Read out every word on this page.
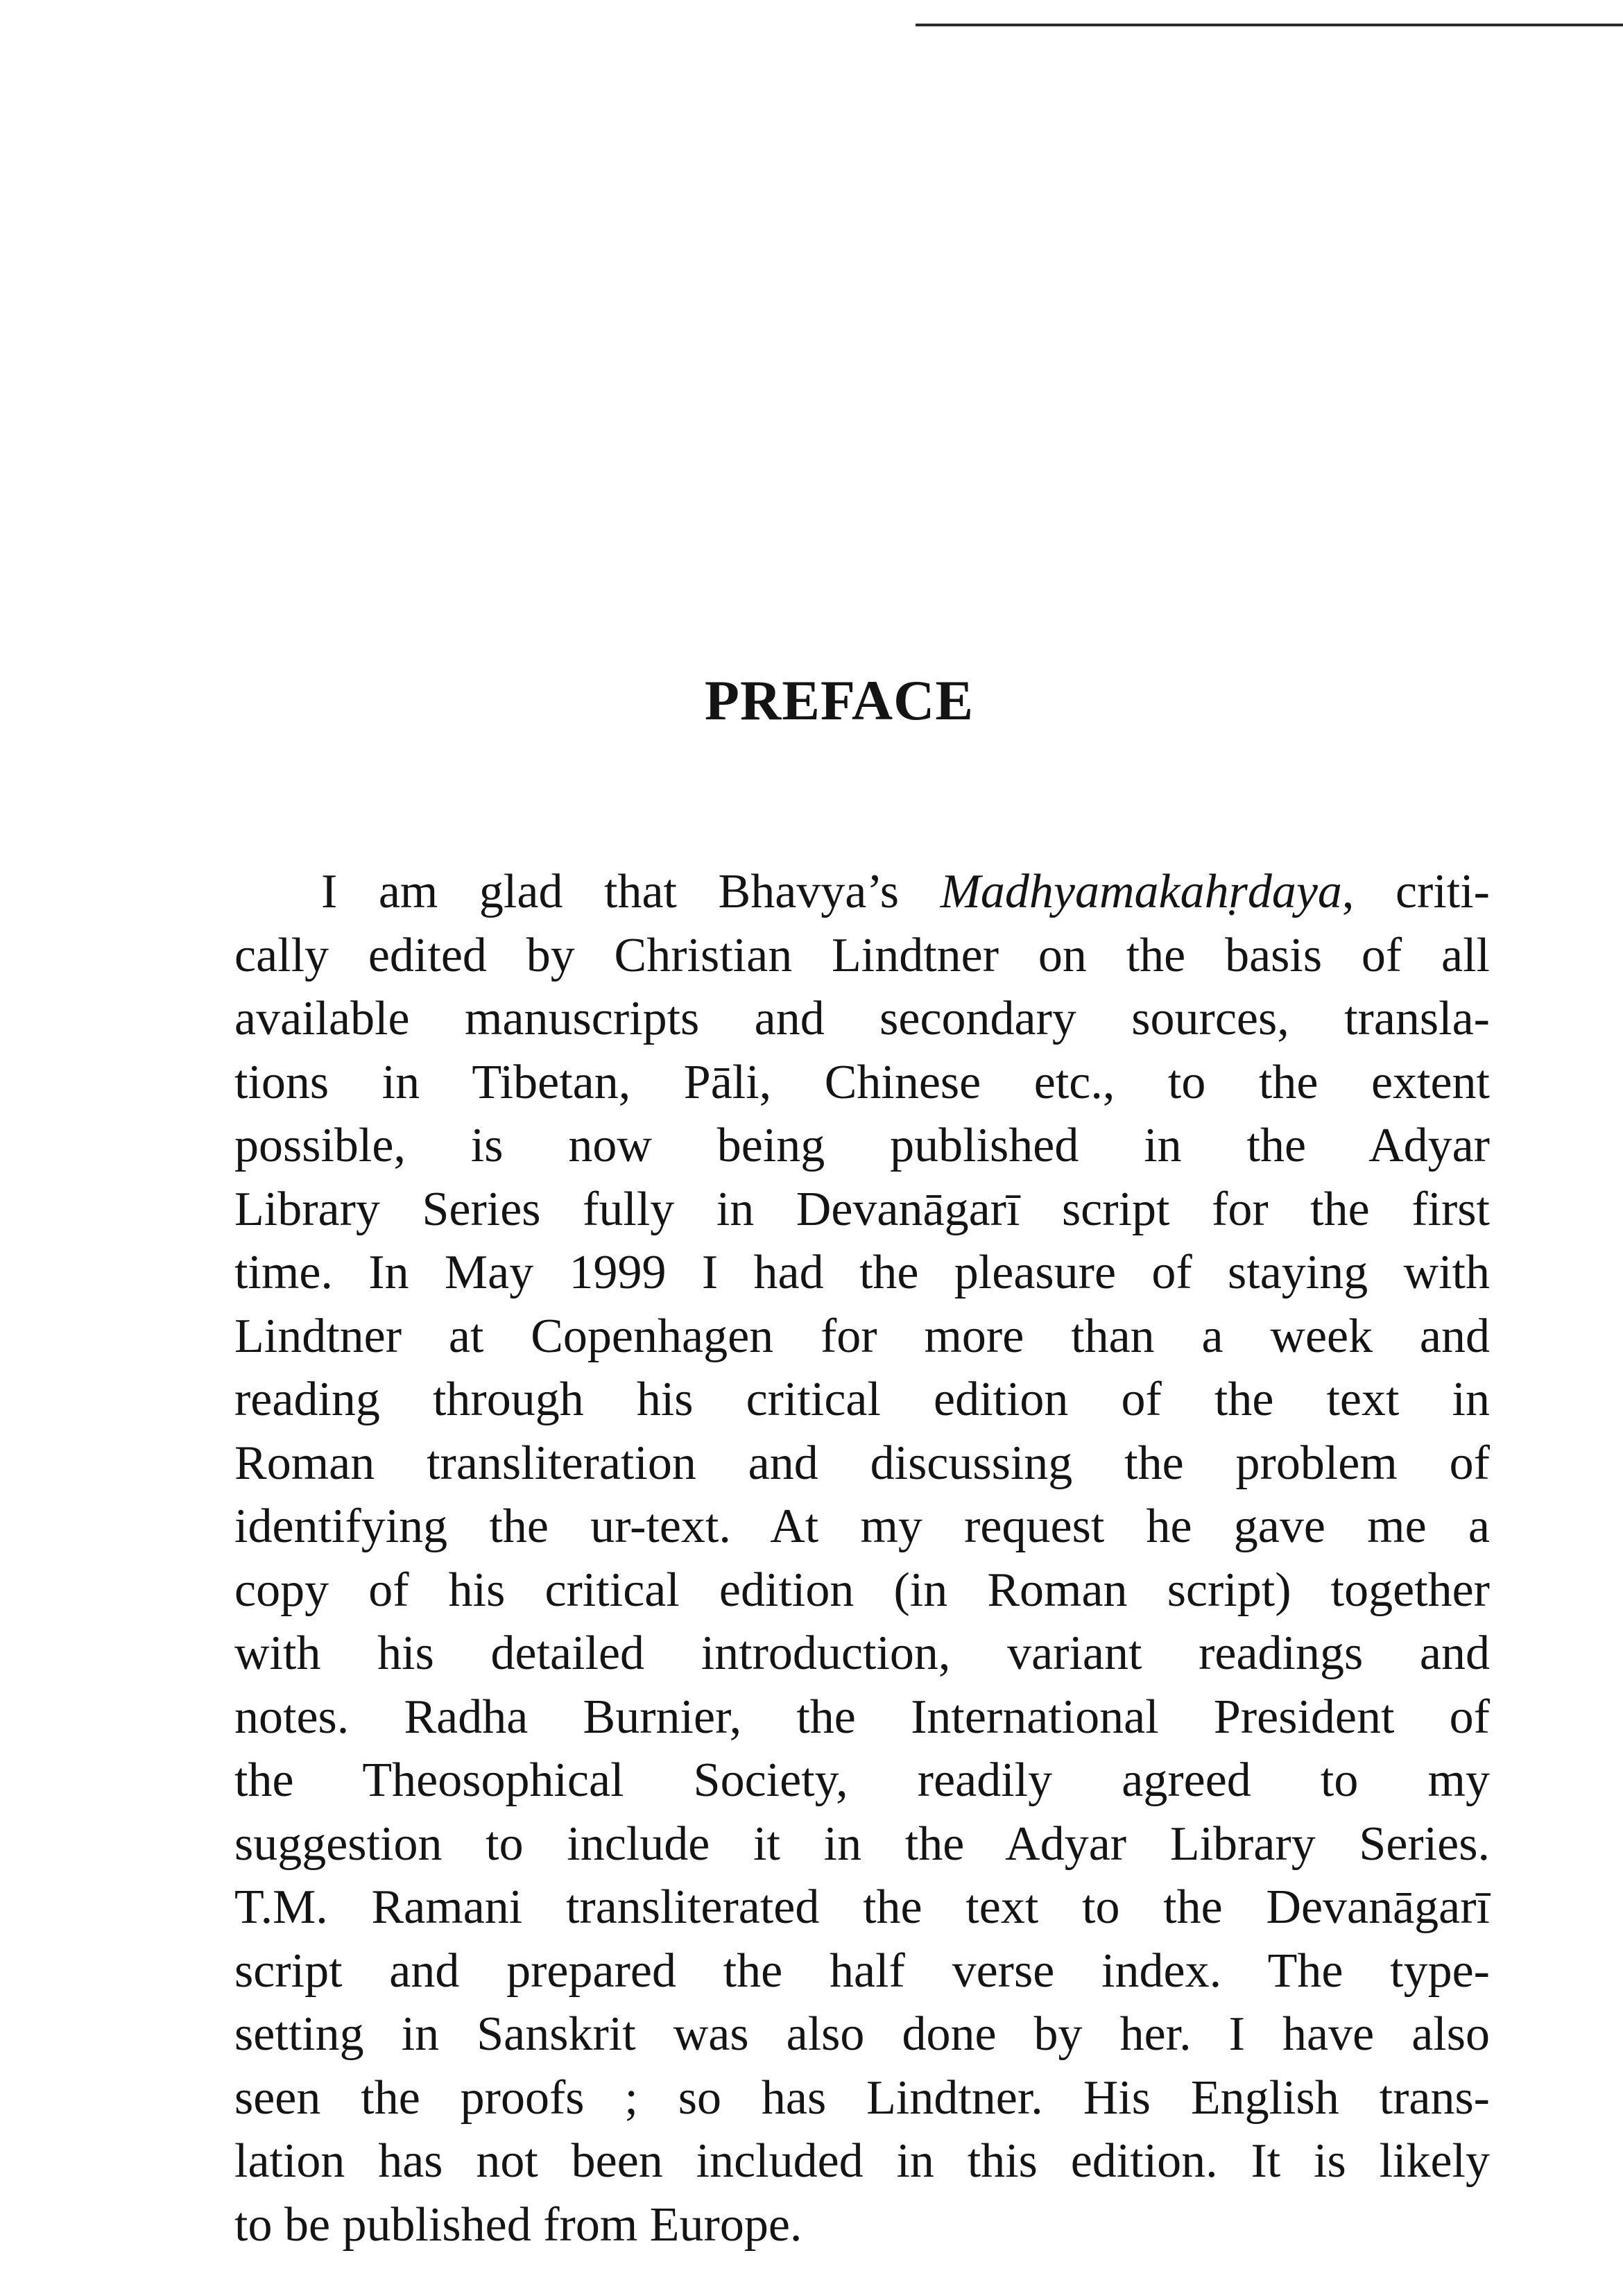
PREFACE
I am glad that Bhavya’s Madhyamakahṛdaya, criti-
cally edited by Christian Lindtner on the basis of all
available manuscripts and secondary sources, transla-
tions in Tibetan, Pāli, Chinese etc., to the extent
possible, is now being published in the Adyar
Library Series fully in Devanāgarī script for the first
time. In May 1999 I had the pleasure of staying with
Lindtner at Copenhagen for more than a week and
reading through his critical edition of the text in
Roman transliteration and discussing the problem of
identifying the ur-text. At my request he gave me a
copy of his critical edition (in Roman script) together
with his detailed introduction, variant readings and
notes. Radha Burnier, the International President of
the Theosophical Society, readily agreed to my
suggestion to include it in the Adyar Library Series.
T.M. Ramani transliterated the text to the Devanāgarī
script and prepared the half verse index. The type-
setting in Sanskrit was also done by her. I have also
seen the proofs ; so has Lindtner. His English trans-
lation has not been included in this edition. It is likely
to be published from Europe.
